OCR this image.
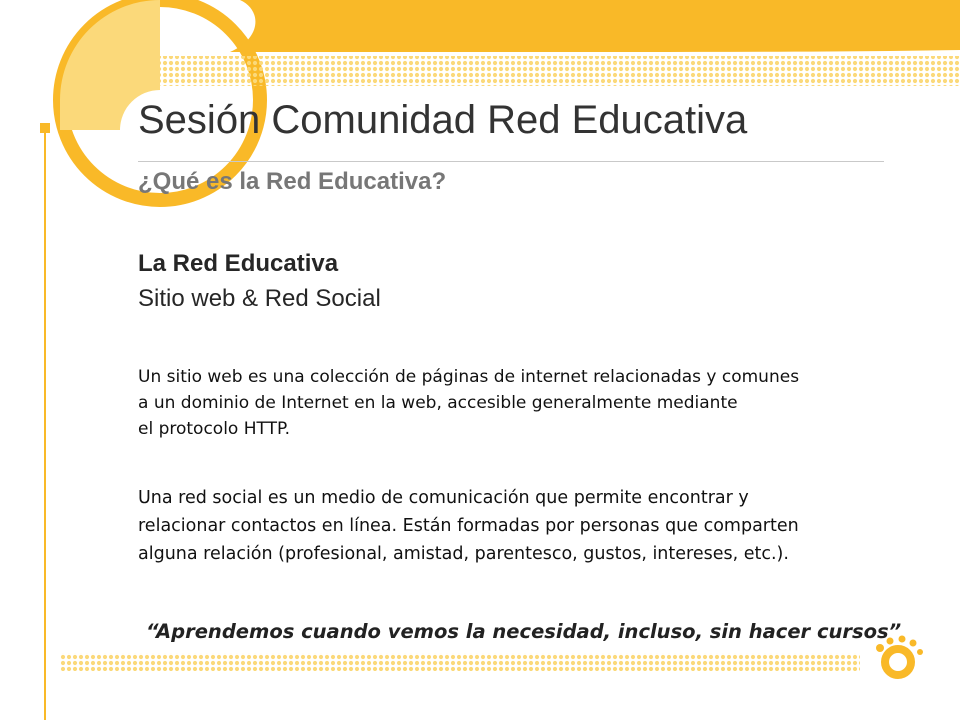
Sesión Comunidad Red Educativa
¿Qué es la Red Educativa?
La Red Educativa
Sitio web & Red Social
Un sitio web es una colección de páginas de internet relacionadas y comunes
a un dominio de Internet en la web, accesible generalmente mediante
el protocolo HTTP.
Una red social es un medio de comunicación que permite encontrar y
relacionar contactos en línea. Están formadas por personas que comparten
alguna relación (profesional, amistad, parentesco, gustos, intereses, etc.).
“Aprendemos cuando vemos la necesidad, incluso, sin hacer cursos”
